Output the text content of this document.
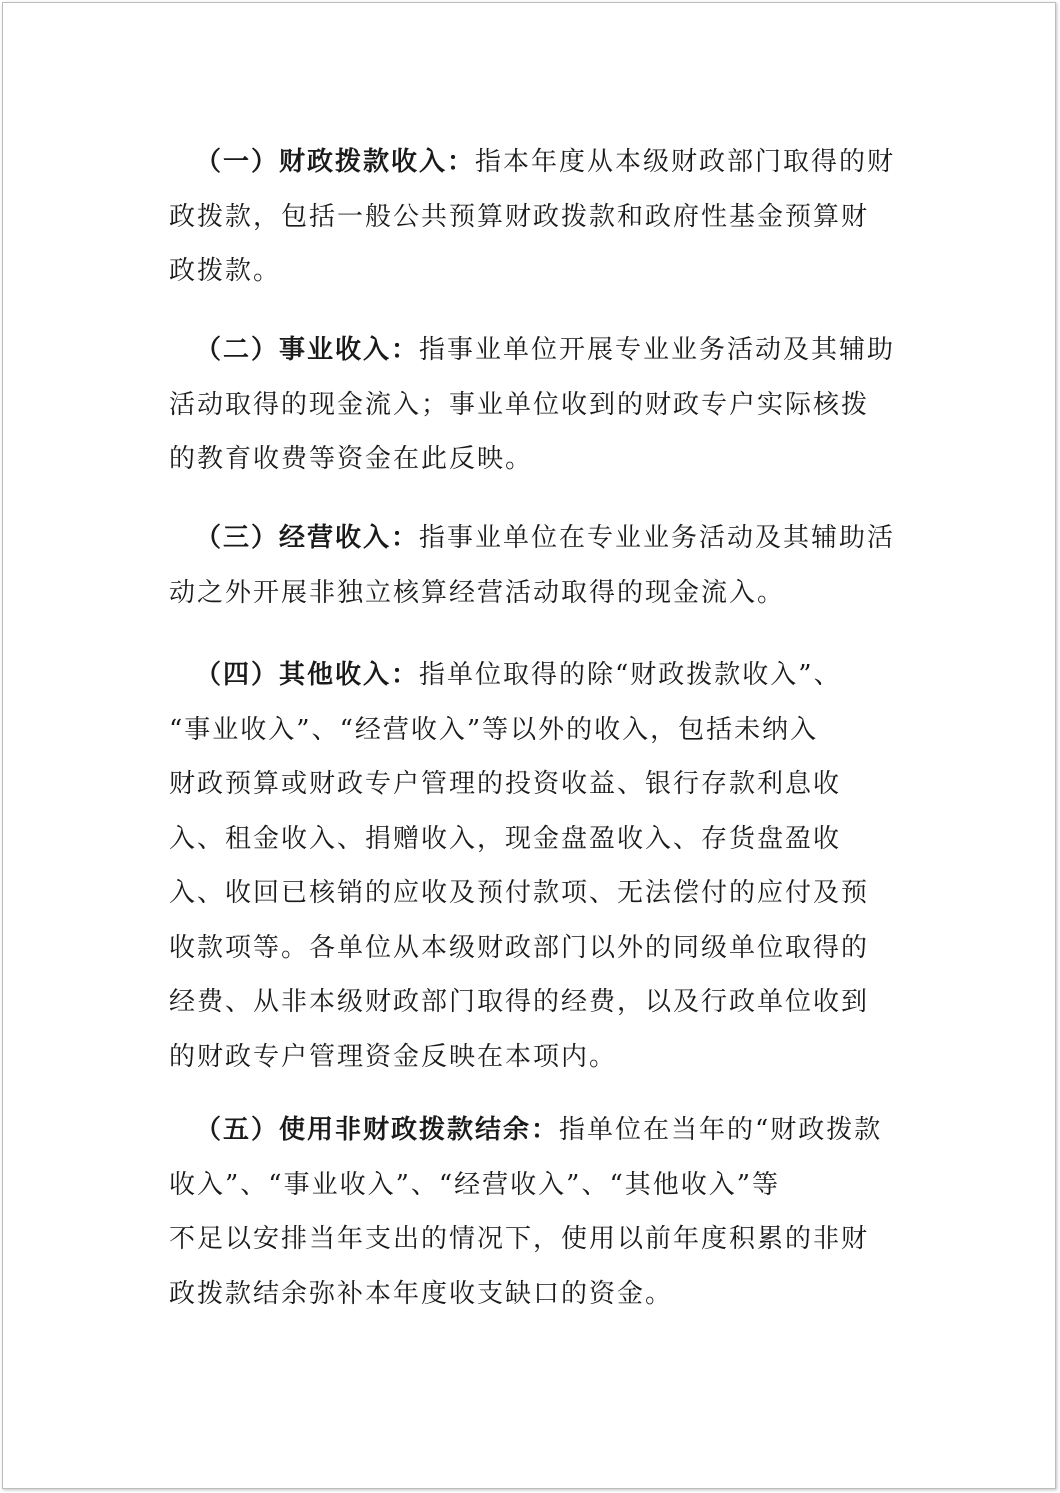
（一）财政拨款收入：指本年度从本级财政部门取得的财
政拨款，包括一般公共预算财政拨款和政府性基金预算财
政拨款。
（二）事业收入：指事业单位开展专业业务活动及其辅助
活动取得的现金流入；事业单位收到的财政专户实际核拨
的教育收费等资金在此反映。
（三）经营收入：指事业单位在专业业务活动及其辅助活
动之外开展非独立核算经营活动取得的现金流入。
（四）其他收入：指单位取得的除“财政拨款收入”、
“事业收入”、“经营收入”等以外的收入，包括未纳入
财政预算或财政专户管理的投资收益、银行存款利息收
入、租金收入、捐赠收入，现金盘盈收入、存货盘盈收
入、收回已核销的应收及预付款项、无法偿付的应付及预
收款项等。各单位从本级财政部门以外的同级单位取得的
经费、从非本级财政部门取得的经费，以及行政单位收到
的财政专户管理资金反映在本项内。
（五）使用非财政拨款结余：指单位在当年的“财政拨款
收入”、“事业收入”、“经营收入”、“其他收入”等
不足以安排当年支出的情况下，使用以前年度积累的非财
政拨款结余弥补本年度收支缺口的资金。
